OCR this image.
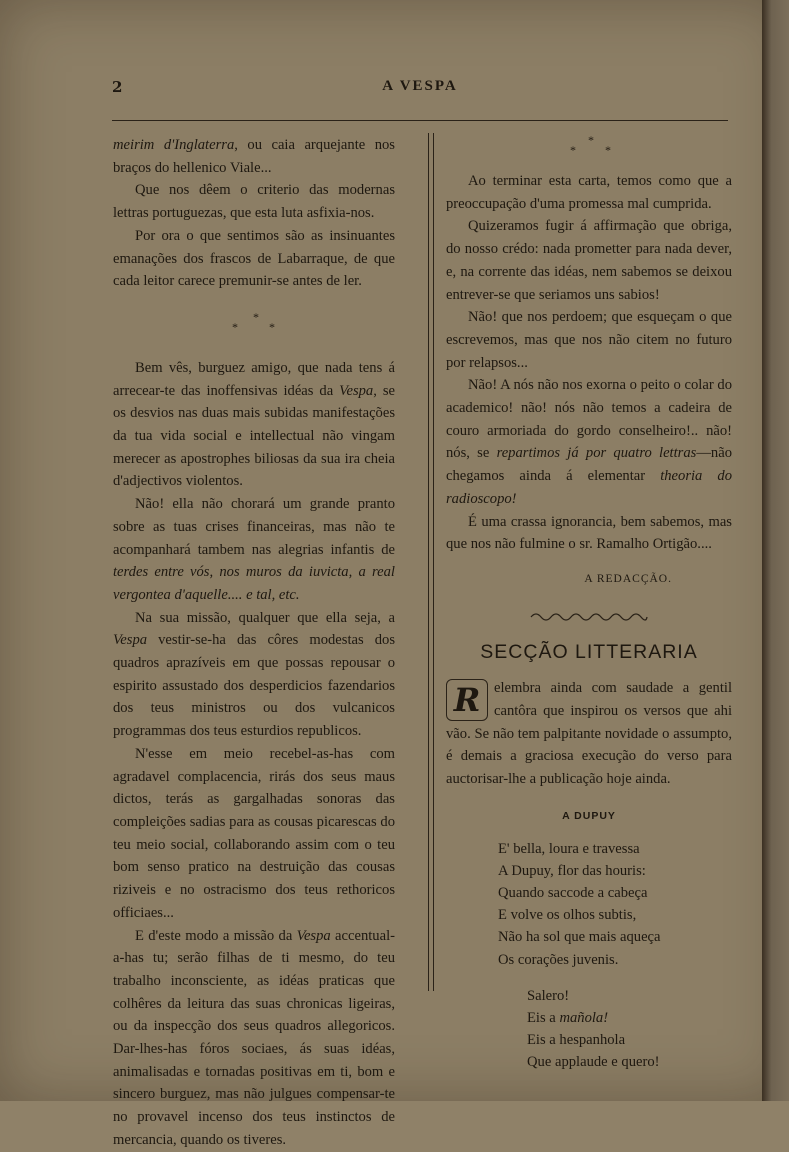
2	A VESPA

meirim d'Inglaterra, ou caia arquejante nos braços do hellenico Viale...

Que nos dêem o criterio das modernas lettras portuguezas, que esta luta asfixia-nos.

Por ora o que sentimos são as insinuantes emanações dos frascos de Labarraque, de que cada leitor carece premunir-se antes de ler.

*
*	*

Bem vês, burguez amigo, que nada tens á arrecear-te das inoffensivas idéas da Vespa, se os desvios nas duas mais subidas manifestações da tua vida social e intellectual não vingam merecer as apostrophes biliosas da sua ira cheia d'adjectivos violentos.

Não! ella não chorará um grande pranto sobre as tuas crises financeiras, mas não te acompanhará tambem nas alegrias infantis de terdes entre vós, nos muros da iuvicta, a real vergontea d'aquelle.... e tal, etc.

Na sua missão, qualquer que ella seja, a Vespa vestir-se-ha das côres modestas dos quadros aprazíveis em que possas repousar o espirito assustado dos desperdicios fazendarios dos teus ministros ou dos vulcanicos programmas dos teus esturdios republicos.

N'esse em meio recebel-as-has com agradavel complacencia, rirás dos seus maus dictos, terás as gargalhadas sonoras das compleições sadias para as cousas picarescas do teu meio social, collaborando assim com o teu bom senso pratico na destruição das cousas riziveis e no ostracismo dos teus rethoricos officiaes...

E d'este modo a missão da Vespa accentual-a-has tu; serão filhas de ti mesmo, do teu trabalho inconsciente, as idéas praticas que colhêres da leitura das suas chronicas ligeiras, ou da inspecção dos seus quadros allegoricos. Dar-lhes-has fóros sociaes, ás suas idéas, animalisadas e tornadas positivas em ti, bom e sincero burguez, mas não julgues compensar-te no provavel incenso dos teus instinctos de mercancia, quando os tiveres.

*
* *

Ao terminar esta carta, temos como que a preoccupação d'uma promessa mal cumprida.

Quizeramos fugir á affirmação que obriga, do nosso crédo: nada prometter para nada dever, e, na corrente das idéas, nem sabemos se deixou entrever-se que seriamos uns sabios!

Não! que nos perdoem; que esqueçam o que escrevemos, mas que nos não citem no futuro por relapsos...

Não! A nós não nos exorna o peito o colar do academico! não! nós não temos a cadeira de couro armoriada do gordo conselheiro!.. não! nós, se repartimos já por quatro lettras—não chegamos ainda á elementar theoria do radioscopo!

É uma crassa ignorancia, bem sabemos, mas que nos não fulmine o sr. Ramalho Ortigão....

A REDACÇÃO.
SECÇÃO LITTERARIA
R elembra ainda com saudade a gentil cantôra que inspirou os versos que ahi vão. Se não tem palpitante novidade o assumpto, é demais a graciosa execução do verso para auctorisar-lhe a publicação hoje ainda.

A DUPUY
E' bella, loura e travessa
A Dupuy, flor das houris:
Quando saccode a cabeça
E volve os olhos subtis,
Não ha sol que mais aqueça
Os corações juvenis.
Salero!
Eis a mañola!
Eis a hespanhola
Que applaude e quero!
